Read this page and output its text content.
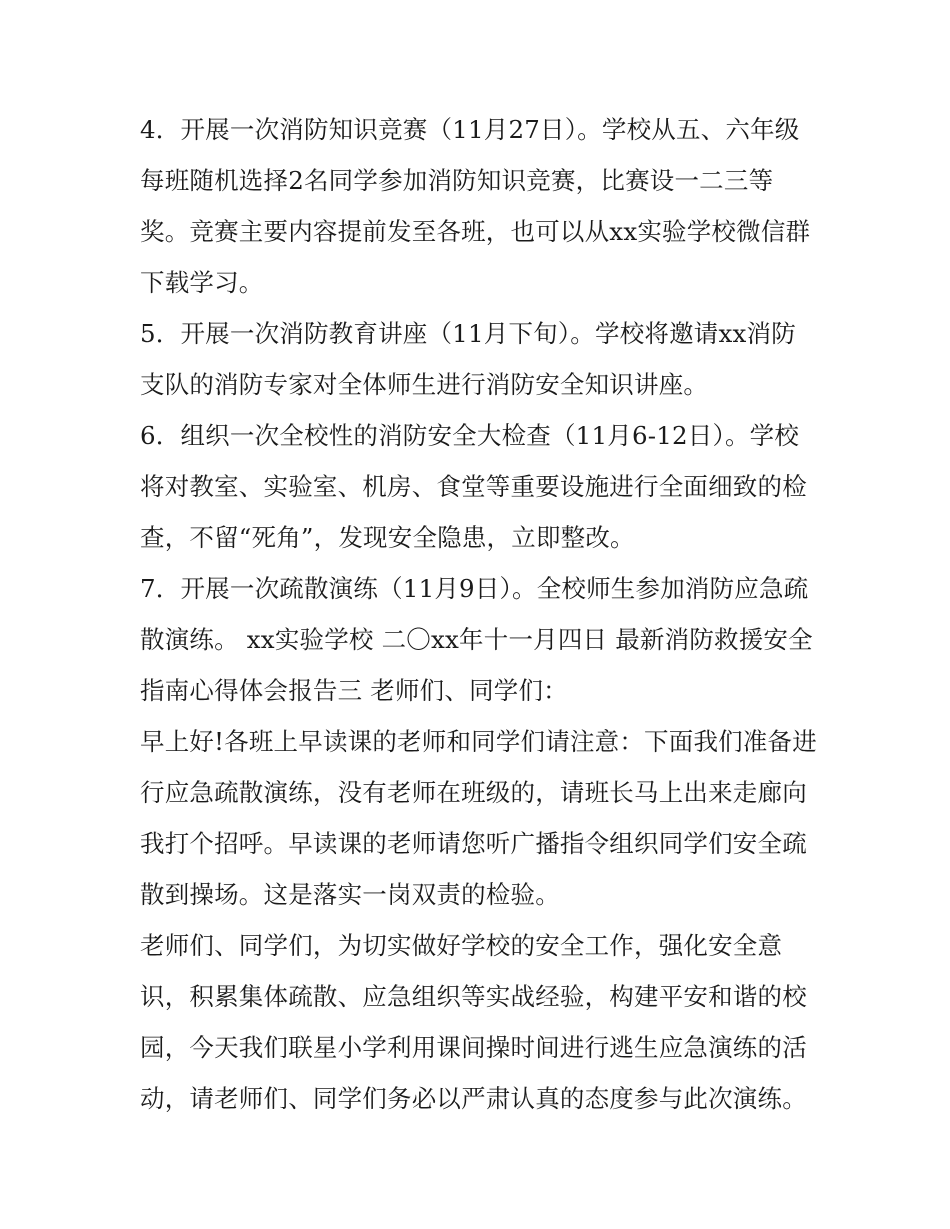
4．开展一次消防知识竞赛（11月27日）。学校从五、六年级每班随机选择2名同学参加消防知识竞赛，比赛设一二三等奖。竞赛主要内容提前发至各班，也可以从xx实验学校微信群下载学习。

5．开展一次消防教育讲座（11月下旬）。学校将邀请xx消防支队的消防专家对全体师生进行消防安全知识讲座。

6．组织一次全校性的消防安全大检查（11月6-12日）。学校将对教室、实验室、机房、食堂等重要设施进行全面细致的检查，不留“死角”，发现安全隐患，立即整改。

7．开展一次疏散演练（11月9日）。全校师生参加消防应急疏散演练。 xx实验学校 二〇xx年十一月四日 最新消防救援安全指南心得体会报告三 老师们、同学们：

早上好!各班上早读课的老师和同学们请注意：下面我们准备进行应急疏散演练，没有老师在班级的，请班长马上出来走廊向我打个招呼。早读课的老师请您听广播指令组织同学们安全疏散到操场。这是落实一岗双责的检验。

老师们、同学们，为切实做好学校的安全工作，强化安全意识，积累集体疏散、应急组织等实战经验，构建平安和谐的校园，今天我们联星小学利用课间操时间进行逃生应急演练的活动，请老师们、同学们务必以严肃认真的态度参与此次演练。
